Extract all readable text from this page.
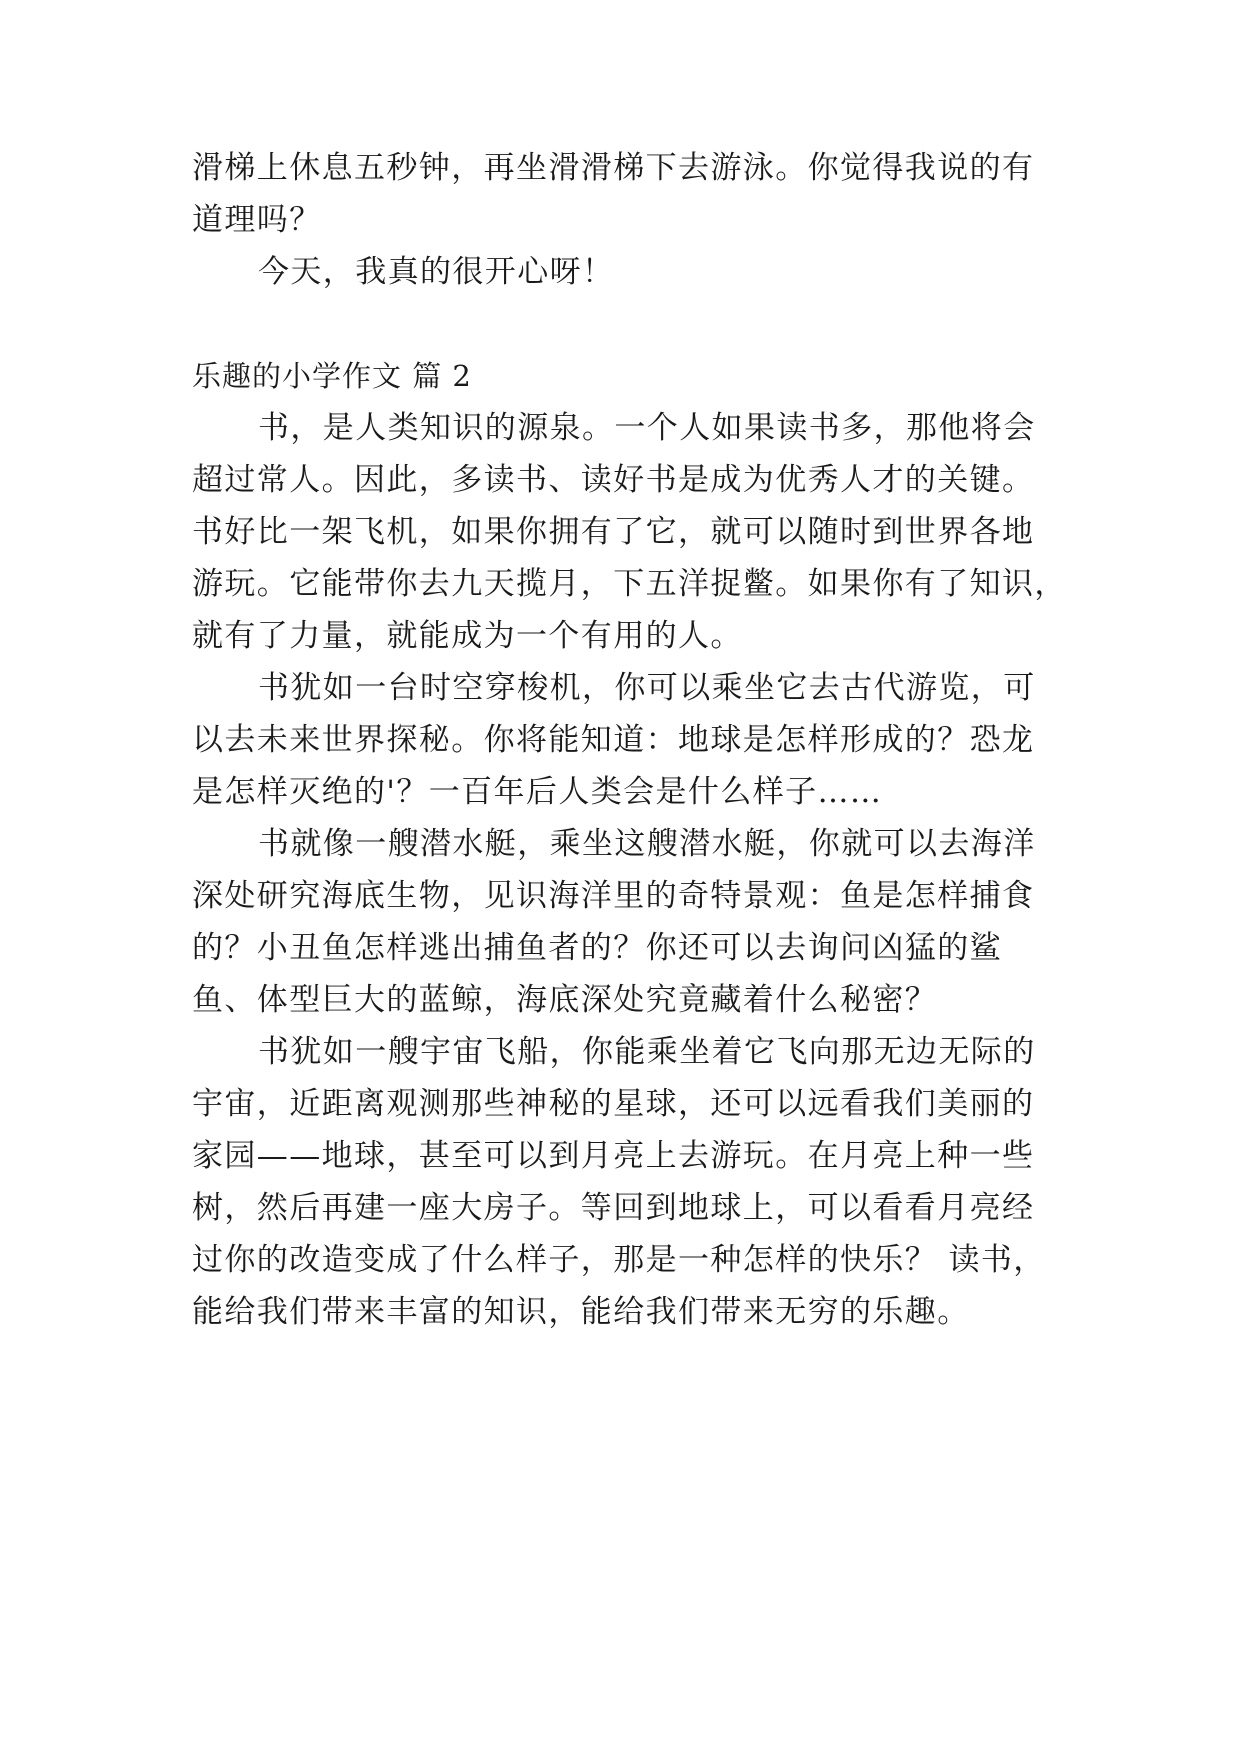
滑梯上休息五秒钟，再坐滑滑梯下去游泳。你觉得我说的有
道理吗？
今天，我真的很开心呀！
乐趣的小学作文 篇 2
书，是人类知识的源泉。一个人如果读书多，那他将会
超过常人。因此，多读书、读好书是成为优秀人才的关键。
书好比一架飞机，如果你拥有了它，就可以随时到世界各地
游玩。它能带你去九天揽月，下五洋捉鳖。如果你有了知识，
就有了力量，就能成为一个有用的人。
书犹如一台时空穿梭机，你可以乘坐它去古代游览，可
以去未来世界探秘。你将能知道：地球是怎样形成的？恐龙
是怎样灭绝的'？一百年后人类会是什么样子……
书就像一艘潜水艇，乘坐这艘潜水艇，你就可以去海洋
深处研究海底生物，见识海洋里的奇特景观：鱼是怎样捕食
的？小丑鱼怎样逃出捕鱼者的？你还可以去询问凶猛的鲨
鱼、体型巨大的蓝鲸，海底深处究竟藏着什么秘密？
书犹如一艘宇宙飞船，你能乘坐着它飞向那无边无际的
宇宙，近距离观测那些神秘的星球，还可以远看我们美丽的
家园——地球，甚至可以到月亮上去游玩。在月亮上种一些
树，然后再建一座大房子。等回到地球上，可以看看月亮经
过你的改造变成了什么样子，那是一种怎样的快乐？ 读书，
能给我们带来丰富的知识，能给我们带来无穷的乐趣。
